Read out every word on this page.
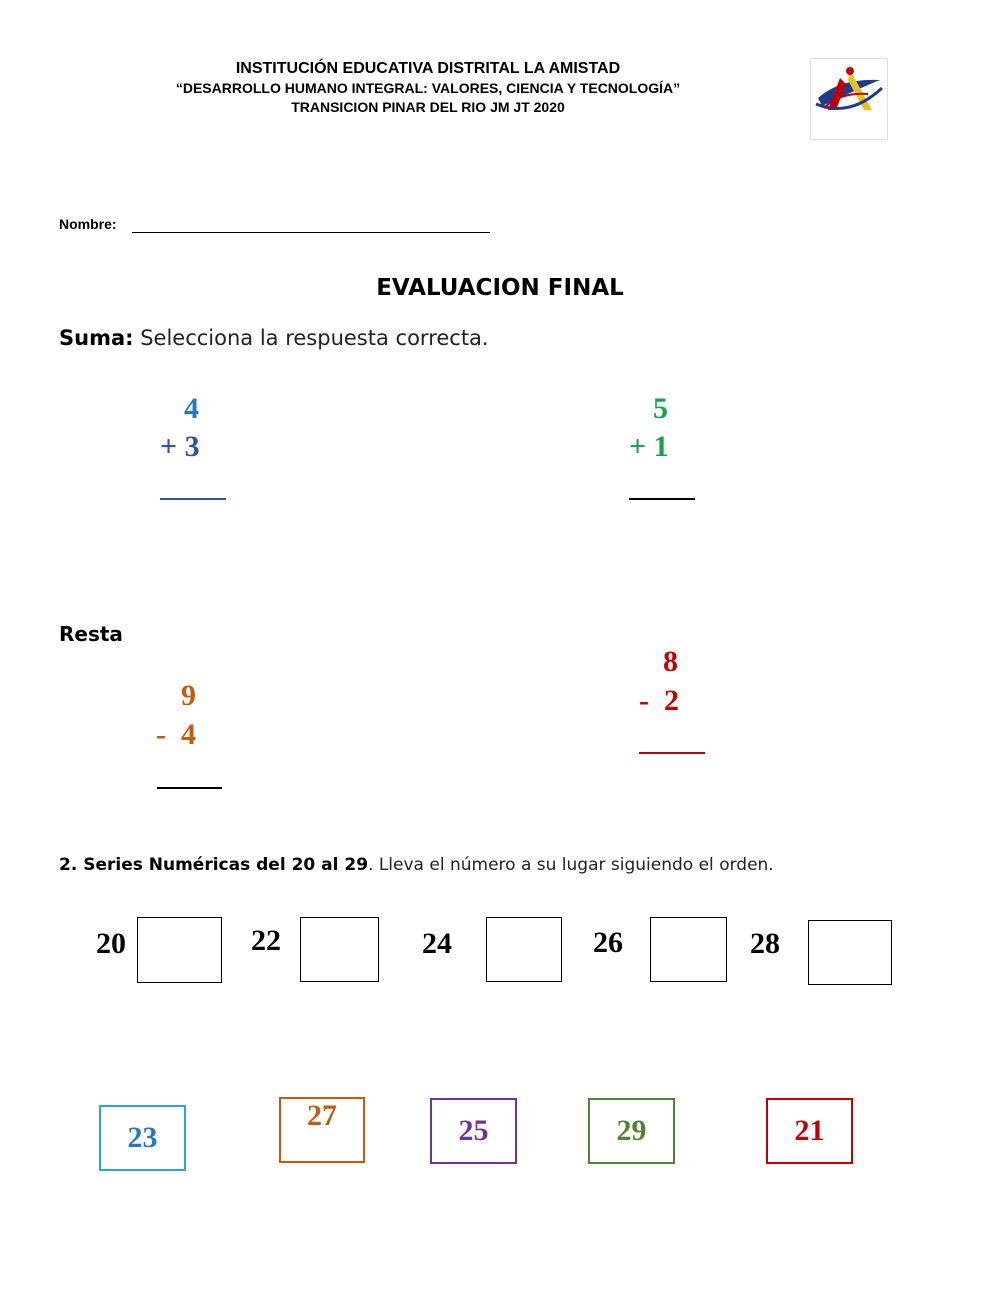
INSTITUCIÓN EDUCATIVA DISTRITAL LA AMISTAD
“DESARROLLO HUMANO INTEGRAL: VALORES, CIENCIA Y TECNOLOGÍA”
TRANSICION PINAR DEL RIO JM JT 2020
Nombre:
EVALUACION FINAL
Suma: Selecciona la respuesta correcta.
4
+ 3
5
+ 1
Resta
9
-  4
8
-  2
2. Series Numéricas del 20 al 29. Lleva el número a su lugar siguiendo el orden.
20	22	24	26	28
23
27	25	29	21
